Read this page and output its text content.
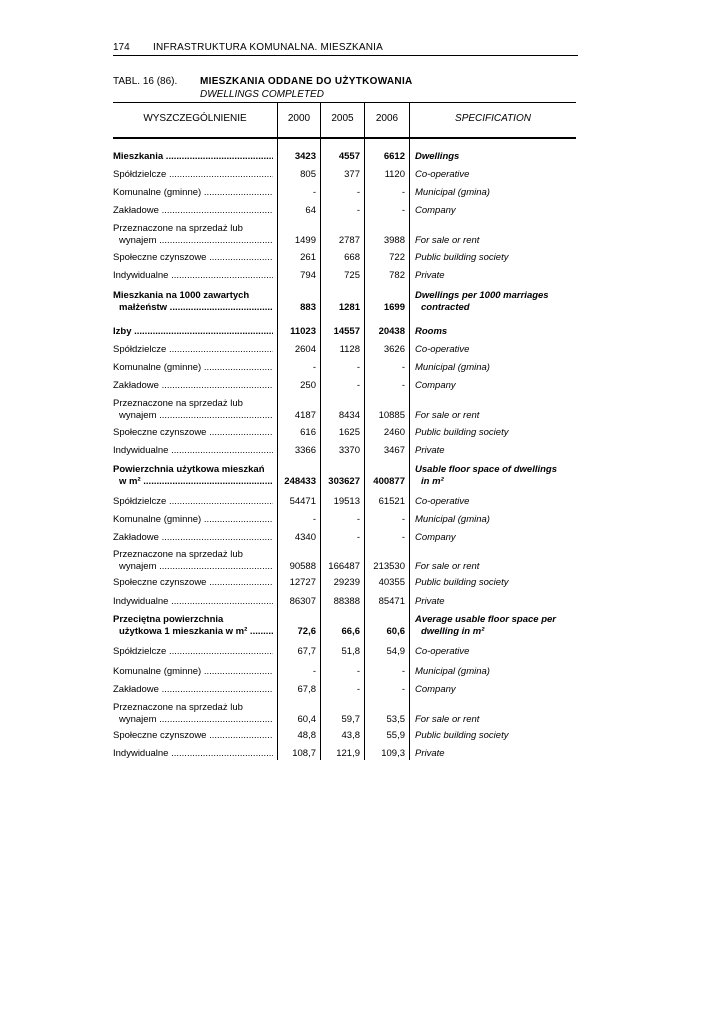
174 INFRASTRUKTURA KOMUNALNA. MIESZKANIA
TABL. 16 (86). MIESZKANIA ODDANE DO UŻYTKOWANIA
DWELLINGS COMPLETED
WYSZCZEGÓLNIENIE	2000	2005	2006	SPECIFICATION
Mieszkania .....	3423	4557	6612 Dwellings
Spółdzielcze .....	805	377	1120 Co-operative
Komunalne (gminne) .....	-	-	- Municipal (gmina)
Zakładowe .....	64	-	- Company
Przeznaczone na sprzedaż lub
wynajem .....	1499	2787	3988 For sale or rent
Społeczne czynszowe .....	261	668	722 Public building society
Indywidualne .....	794	725	782 Private
Mieszkania na 1000 zawartych
małżeństw .....	883	1281	1699
Dwellings per 1000 marriages
contracted
Izby .....	11023	14557	20438 Rooms
Spółdzielcze .....	2604	1128	3626 Co-operative
Komunalne (gminne) .....	-	-	- Municipal (gmina)
Zakładowe .....	250	-	- Company
Przeznaczone na sprzedaż lub
wynajem .....	4187	8434	10885 For sale or rent
Społeczne czynszowe .....	616	1625	2460 Public building society
Indywidualne .....	3366	3370	3467 Private
Powierzchnia użytkowa mieszkań
w m² .....	248433	303627	400877
Usable floor space of dwellings
in m²
Spółdzielcze .....	54471	19513	61521 Co-operative
Komunalne (gminne) .....	-	-	- Municipal (gmina)
Zakładowe .....	4340	-	- Company
Przeznaczone na sprzedaż lub
wynajem .....	90588	166487	213530 For sale or rent
Społeczne czynszowe .....	12727	29239	40355 Public building society
Indywidualne .....	86307	88388	85471 Private
Przeciętna powierzchnia
użytkowa 1 mieszkania w m² .....	72,6	66,6	60,6
Average usable floor space per
dwelling in m²
Spółdzielcze .....	67,7	51,8	54,9 Co-operative
Komunalne (gminne) .....	-	-	- Municipal (gmina)
Zakładowe .....	67,8	-	- Company
Przeznaczone na sprzedaż lub
wynajem .....	60,4	59,7	53,5 For sale or rent
Społeczne czynszowe .....	48,8	43,8	55,9 Public building society
Indywidualne .....	108,7	121,9	109,3 Private
